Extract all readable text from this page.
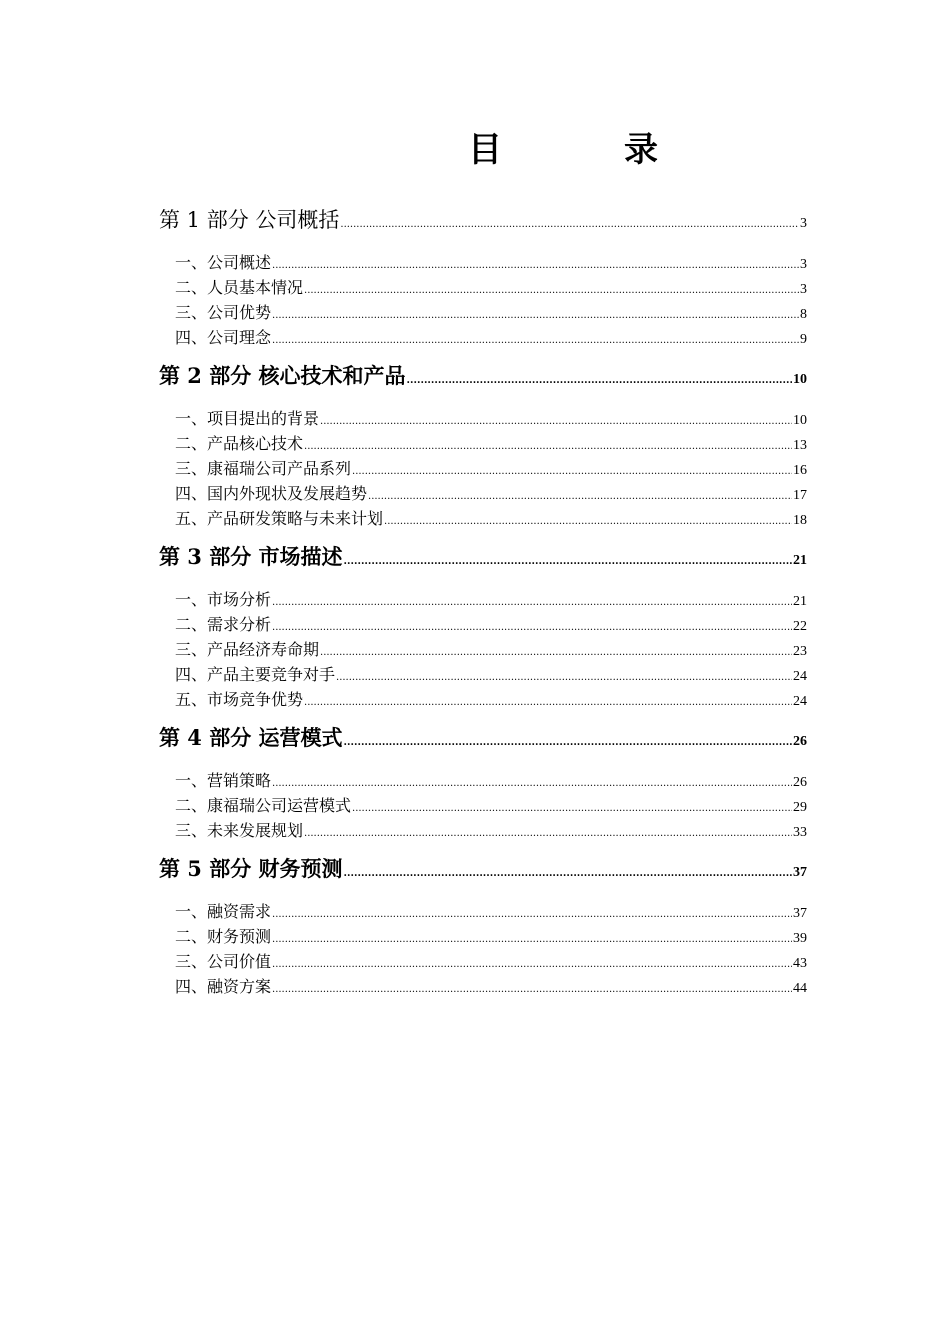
目　录
第 1 部分 公司概括 .....	3
一、公司概述 .....	3
二、人员基本情况 .....	3
三、公司优势 .....	8
四、公司理念 .....	9
第 2 部分 核心技术和产品 .....	10
一、项目提出的背景 .....	10
二、产品核心技术 .....	13
三、康福瑞公司产品系列 .....	16
四、国内外现状及发展趋势 .....	17
五、产品研发策略与未来计划 .....	18
第 3 部分 市场描述 .....	21
一、市场分析 .....	21
二、需求分析 .....	22
三、产品经济寿命期 .....	23
四、产品主要竞争对手 .....	24
五、市场竞争优势 .....	24
第 4 部分 运营模式 .....	26
一、营销策略 .....	26
二、康福瑞公司运营模式 .....	29
三、未来发展规划 .....	33
第 5 部分 财务预测 .....	37
一、融资需求 .....	37
二、财务预测 .....	39
三、公司价值 .....	43
四、融资方案 .....	44
